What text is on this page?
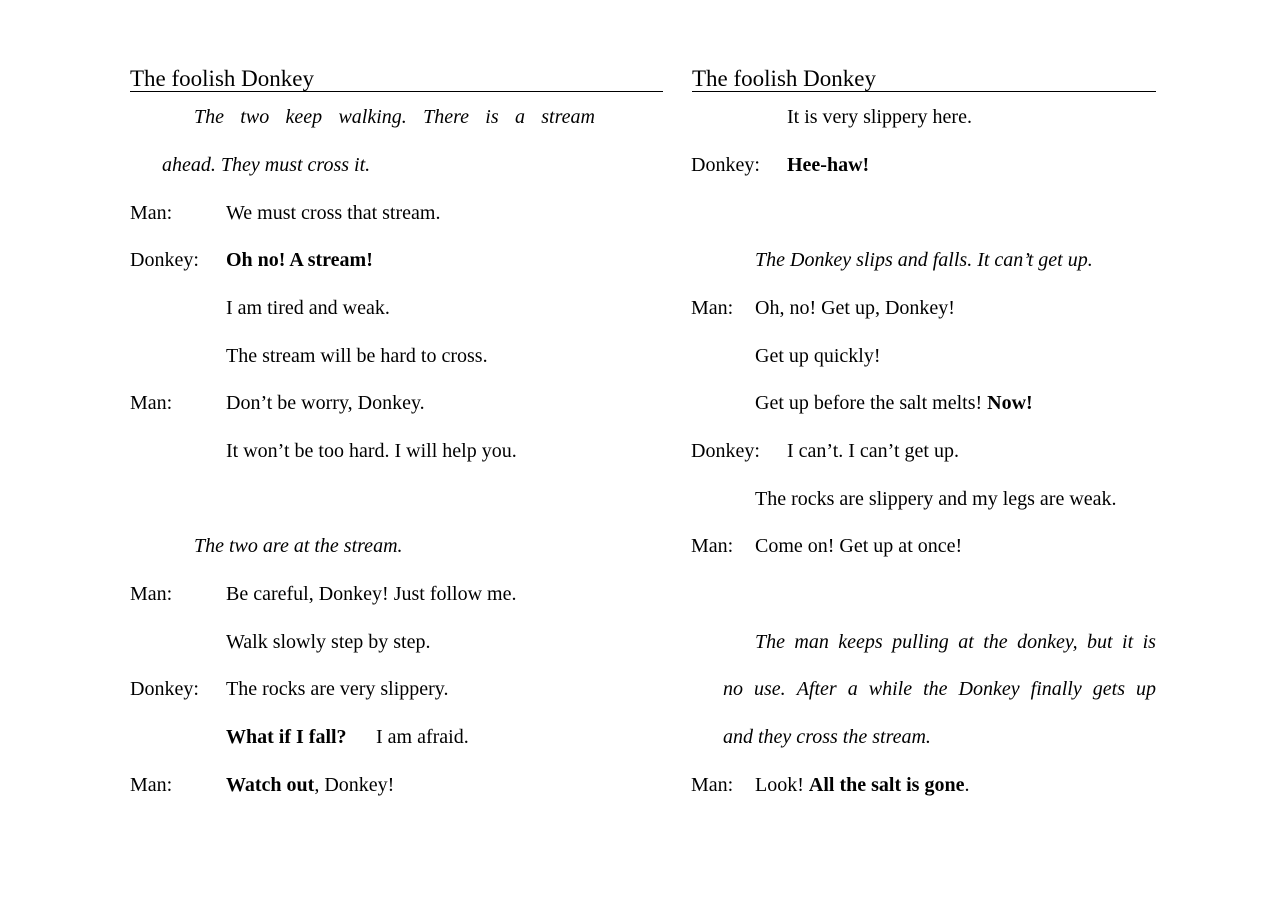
The foolish Donkey
The two keep walking. There is a stream
ahead. They must cross it.
Man:	We must cross that stream.
Donkey: Oh no! A stream!
I am tired and weak.
The stream will be hard to cross.
Man:	Don’t be worry, Donkey.
It won’t be too hard. I will help you.
The two are at the stream.
Man:	Be careful, Donkey! Just follow me.
Walk slowly step by step.
Donkey: The rocks are very slippery.
What if I fall? I am afraid.
Man:	Watch out, Donkey!
The foolish Donkey
It is very slippery here.
Donkey: Hee-haw!
The Donkey slips and falls. It can’t get up.
Man: Oh, no! Get up, Donkey!
Get up quickly!
Get up before the salt melts! Now!
Donkey: I can’t. I can’t get up.
The rocks are slippery and my legs are weak.
Man: Come on! Get up at once!
The man keeps pulling at the donkey, but it is
no use. After a while the Donkey finally gets up
and they cross the stream.
Man: Look! All the salt is gone.
